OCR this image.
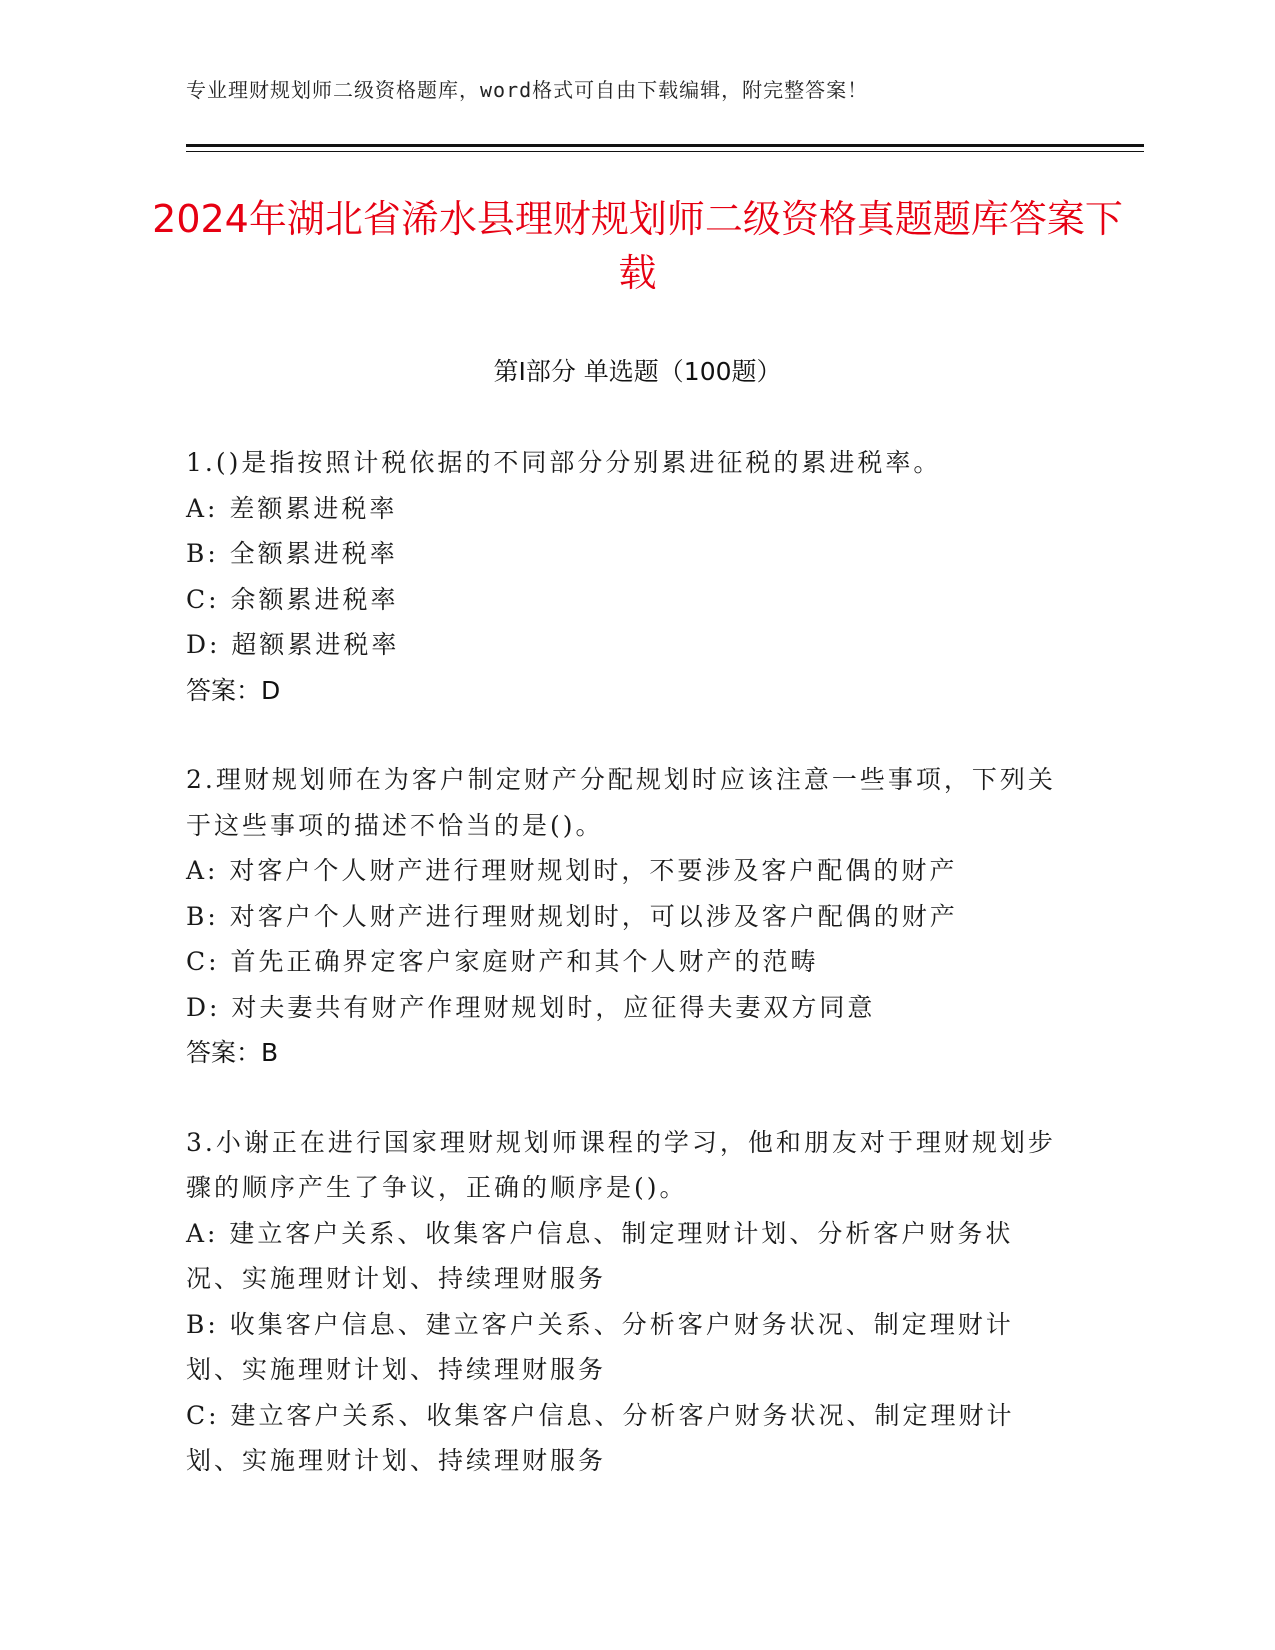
专业理财规划师二级资格题库，word格式可自由下载编辑，附完整答案！
2024年湖北省浠水县理财规划师二级资格真题题库答案下载
第Ⅰ部分 单选题（100题）
1.()是指按照计税依据的不同部分分别累进征税的累进税率。
A: 差额累进税率
B: 全额累进税率
C: 余额累进税率
D: 超额累进税率
答案：D
2.理财规划师在为客户制定财产分配规划时应该注意一些事项，下列关于这些事项的描述不恰当的是()。
A: 对客户个人财产进行理财规划时，不要涉及客户配偶的财产
B: 对客户个人财产进行理财规划时，可以涉及客户配偶的财产
C: 首先正确界定客户家庭财产和其个人财产的范畴
D: 对夫妻共有财产作理财规划时，应征得夫妻双方同意
答案：B
3.小谢正在进行国家理财规划师课程的学习，他和朋友对于理财规划步骤的顺序产生了争议，正确的顺序是()。
A: 建立客户关系、收集客户信息、制定理财计划、分析客户财务状况、实施理财计划、持续理财服务
B: 收集客户信息、建立客户关系、分析客户财务状况、制定理财计划、实施理财计划、持续理财服务
C: 建立客户关系、收集客户信息、分析客户财务状况、制定理财计划、实施理财计划、持续理财服务
